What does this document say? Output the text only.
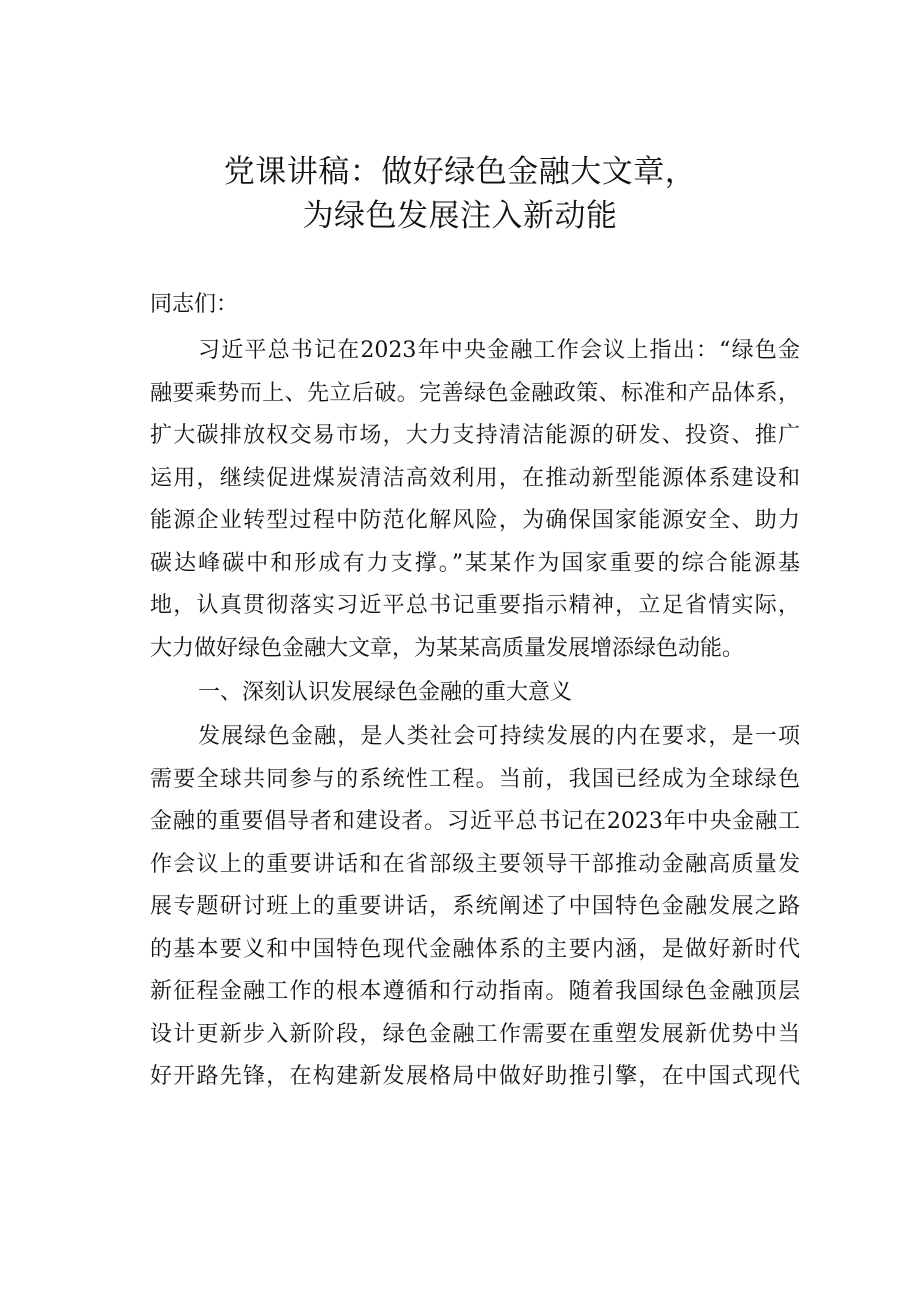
党课讲稿：做好绿色金融大文章，
为绿色发展注入新动能

同志们：

习近平总书记在2023年中央金融工作会议上指出：“绿色金
融要乘势而上、先立后破。完善绿色金融政策、标准和产品体系，
扩大碳排放权交易市场，大力支持清洁能源的研发、投资、推广
运用，继续促进煤炭清洁高效利用，在推动新型能源体系建设和
能源企业转型过程中防范化解风险，为确保国家能源安全、助力
碳达峰碳中和形成有力支撑。”某某作为国家重要的综合能源基
地，认真贯彻落实习近平总书记重要指示精神，立足省情实际，
大力做好绿色金融大文章，为某某高质量发展增添绿色动能。
一、深刻认识发展绿色金融的重大意义
发展绿色金融，是人类社会可持续发展的内在要求，是一项
需要全球共同参与的系统性工程。当前，我国已经成为全球绿色
金融的重要倡导者和建设者。习近平总书记在2023年中央金融工
作会议上的重要讲话和在省部级主要领导干部推动金融高质量发
展专题研讨班上的重要讲话，系统阐述了中国特色金融发展之路
的基本要义和中国特色现代金融体系的主要内涵，是做好新时代
新征程金融工作的根本遵循和行动指南。随着我国绿色金融顶层
设计更新步入新阶段，绿色金融工作需要在重塑发展新优势中当
好开路先锋，在构建新发展格局中做好助推引擎，在中国式现代
